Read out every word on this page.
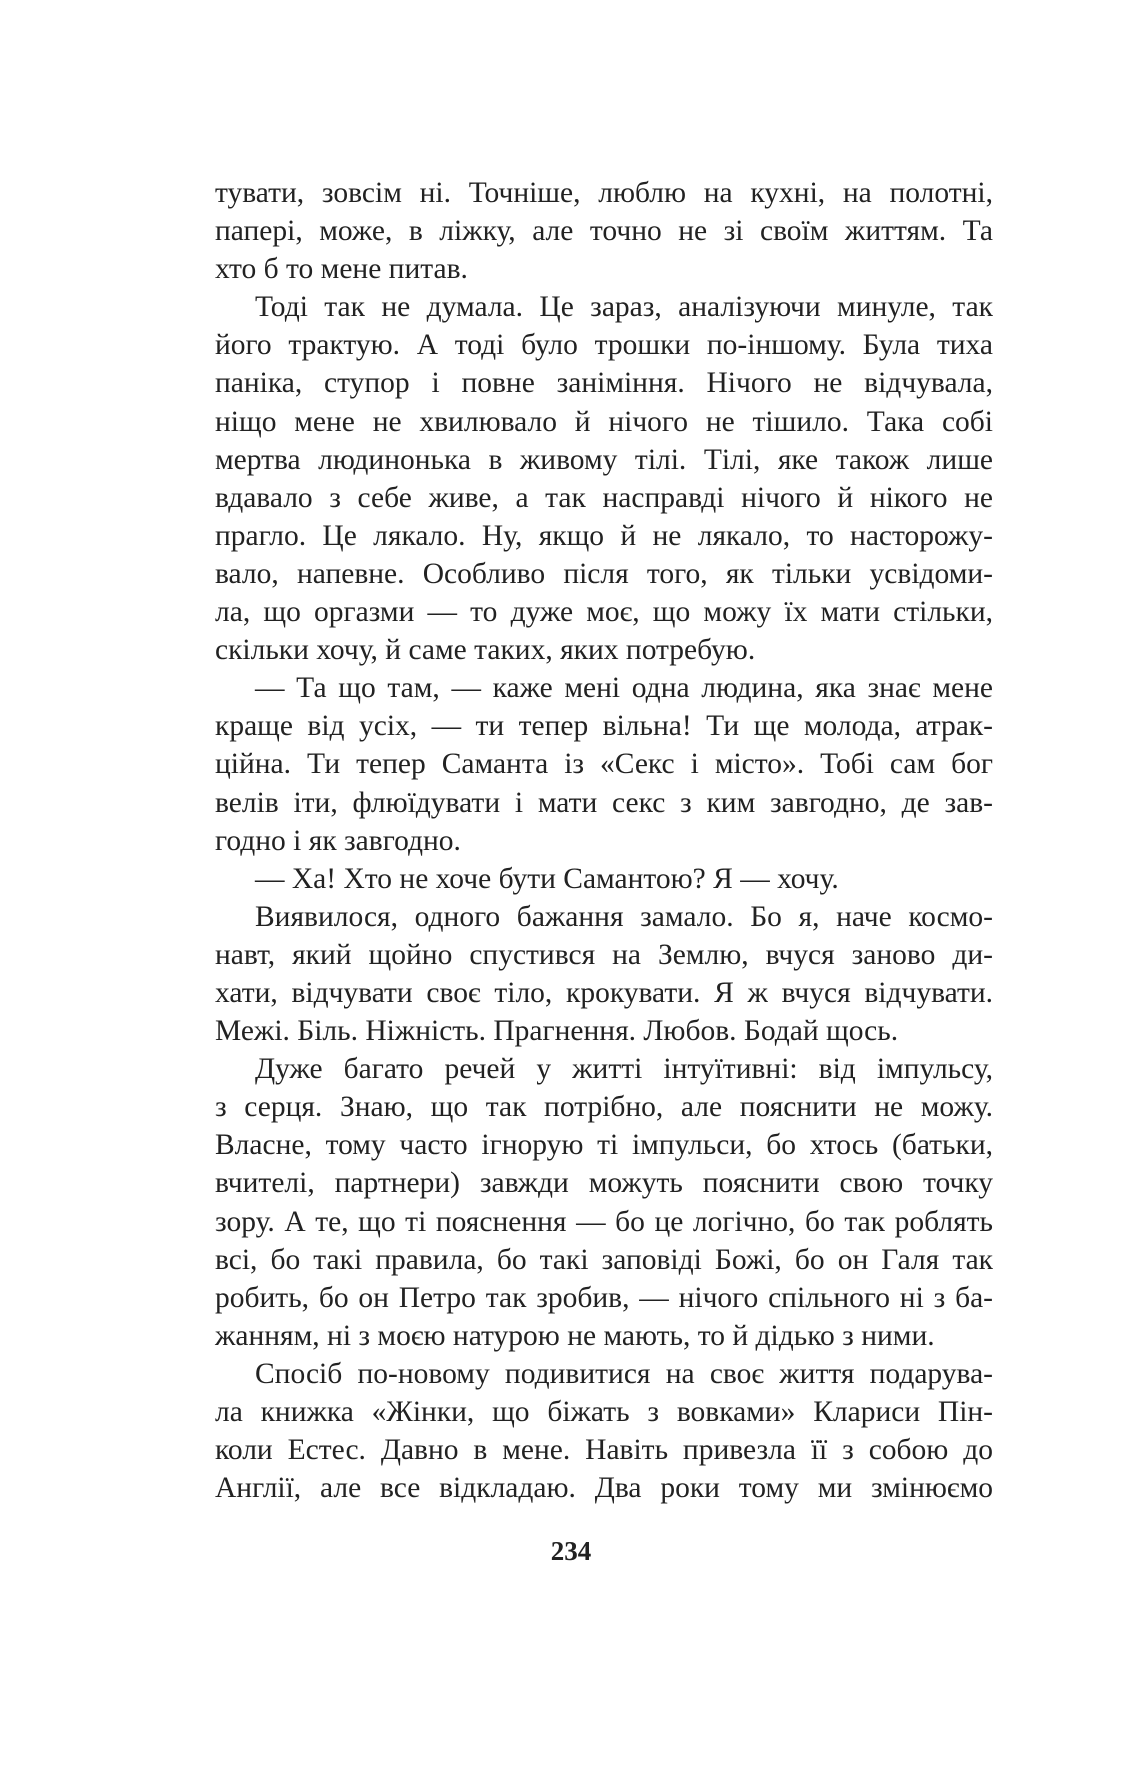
тувати, зовсім ні. Точніше, люблю на кухні, на полотні,
папері, може, в ліжку, але точно не зі своїм життям. Та
хто б то мене питав.
Тоді так не думала. Це зараз, аналізуючи минуле, так
його трактую. А тоді було трошки по-іншому. Була тиха
паніка, ступор і повне заніміння. Нічого не відчувала,
ніщо мене не хвилювало й нічого не тішило. Така собі
мертва людинонька в живому тілі. Тілі, яке також лише
вдавало з себе живе, а так насправді нічого й нікого не
прагло. Це лякало. Ну, якщо й не лякало, то насторожу-
вало, напевне. Особливо після того, як тільки усвідоми-
ла, що оргазми — то дуже моє, що можу їх мати стільки,
скільки хочу, й саме таких, яких потребую.
— Та що там, — каже мені одна людина, яка знає мене
краще від усіх, — ти тепер вільна! Ти ще молода, атрак-
ційна. Ти тепер Саманта із «Секс і місто». Тобі сам бог
велів іти, флюїдувати і мати секс з ким завгодно, де зав-
годно і як завгодно.
— Ха! Хто не хоче бути Самантою? Я — хочу.
Виявилося, одного бажання замало. Бо я, наче космо-
навт, який щойно спустився на Землю, вчуся заново ди-
хати, відчувати своє тіло, крокувати. Я ж вчуся відчувати.
Межі. Біль. Ніжність. Прагнення. Любов. Бодай щось.
Дуже багато речей у житті інтуїтивні: від імпульсу,
з серця. Знаю, що так потрібно, але пояснити не можу.
Власне, тому часто ігнорую ті імпульси, бо хтось (батьки,
вчителі, партнери) завжди можуть пояснити свою точку
зору. А те, що ті пояснення — бо це логічно, бо так роблять
всі, бо такі правила, бо такі заповіді Божі, бо он Галя так
робить, бо он Петро так зробив, — нічого спільного ні з ба-
жанням, ні з моєю натурою не мають, то й дідько з ними.
Спосіб по-новому подивитися на своє життя подарува-
ла книжка «Жінки, що біжать з вовками» Клариси Пін-
коли Естес. Давно в мене. Навіть привезла її з собою до
Англії, але все відкладаю. Два роки тому ми змінюємо
234
